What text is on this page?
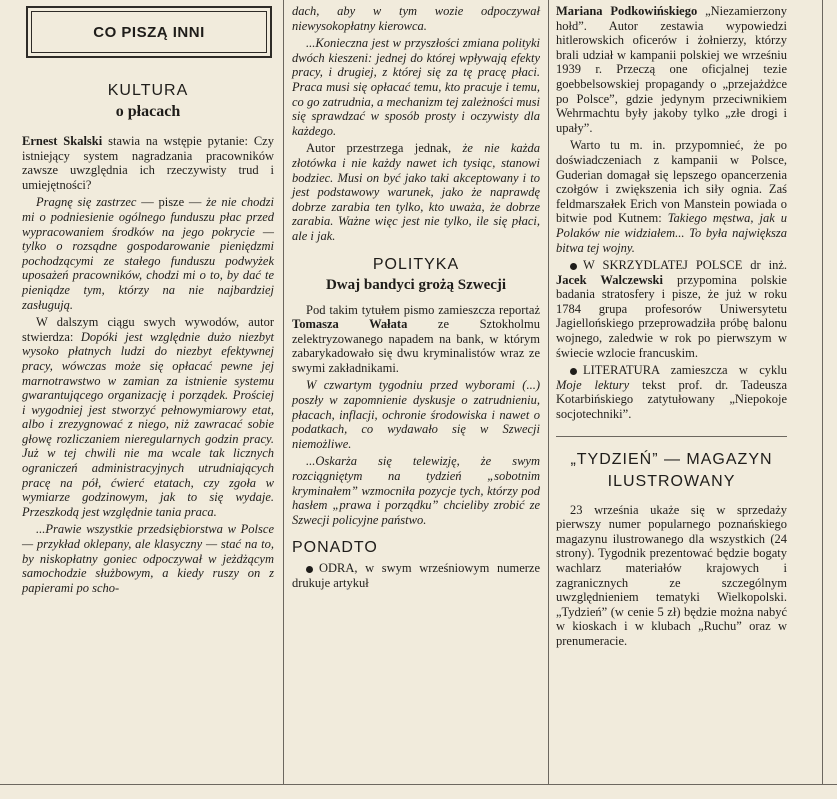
CO PISZĄ INNI
KULTURA
o płacach

Ernest Skalski stawia na wstępie pytanie: Czy istniejący system nagradzania pracowników zawsze uwzględnia ich rzeczywisty trud i umiejętności?

Pragnę się zastrzec — pisze — że nie chodzi mi o podniesienie ogólnego funduszu płac przed wypracowaniem środków na jego pokrycie — tylko o rozsądne gospodarowanie pieniędzmi pochodzącymi ze stałego funduszu podwyżek uposażeń pracowników, chodzi mi o to, by dać te pieniądze tym, którzy na nie najbardziej zasługują.

W dalszym ciągu swych wywodów, autor stwierdza: Dopóki jest względnie dużo niezbyt wysoko płatnych ludzi do niezbyt efektywnej pracy, wówczas może się opłacać pewne jej marnotrawstwo w zamian za istnienie systemu gwarantującego organizację i porządek. Prościej i wygodniej jest stworzyć pełnowymiarowy etat, albo i zrezygnować z niego, niż zawracać sobie głowę rozliczaniem nieregularnych godzin pracy. Już w tej chwili nie ma wcale tak licznych ograniczeń administracyjnych utrudniających pracę na pół, ćwierć etatach, czy zgoła w wymiarze godzinowym, jak to się wydaje. Przeszkodą jest względnie tania praca.

...Prawie wszystkie przedsiębiorstwa w Polsce — przykład oklepany, ale klasyczny — stać na to, by niskopłatny goniec odpoczywał w jeżdżącym samochodzie służbowym, a kiedy ruszy on z papierami po scho-

dach, aby w tym wozie odpoczywał niewysokopłatny kierowca.

...Konieczna jest w przyszłości zmiana polityki dwóch kieszeni: jednej do której wpływają efekty pracy, i drugiej, z której się za tę pracę płaci. Praca musi się opłacać temu, kto pracuje i temu, co go zatrudnia, a mechanizm tej zależności musi się sprawdzać w sposób prosty i oczywisty dla każdego.

Autor przestrzega jednak, że nie każda złotówka i nie każdy nawet ich tysiąc, stanowi bodziec. Musi on być jako taki akceptowany i to jest podstawowy warunek, jako że naprawdę dobrze zarabia ten tylko, kto uważa, że dobrze zarabia. Ważne więc jest nie tylko, ile się płaci, ale i jak.

POLITYKA
Dwaj bandyci grożą Szwecji

Pod takim tytułem pismo zamieszcza reportaż Tomasza Wałata ze Sztokholmu zelektryzowanego napadem na bank, w którym zabarykadowało się dwu kryminalistów wraz ze swymi zakładnikami.

W czwartym tygodniu przed wyborami (...) poszły w zapomnienie dyskusje o zatrudnieniu, płacach, inflacji, ochronie środowiska i nawet o podatkach, co wydawało się w Szwecji niemożliwe.

...Oskarża się telewizję, że swym rozciągniętym na tydzień „sobotnim kryminałem” wzmocniła pozycje tych, którzy pod hasłem „prawa i porządku” chcieliby zrobić ze Szwecji policyjne państwo.

PONADTO

ODRA, w swym wrześniowym numerze drukuje artykuł

Mariana Podkowińskiego „Niezamierzony hołd”. Autor zestawia wypowiedzi hitlerowskich oficerów i żołnierzy, którzy brali udział w kampanii polskiej we wrześniu 1939 r. Przeczą one oficjalnej tezie goebbelsowskiej propagandy o „przejażdżce po Polsce”, gdzie jedynym przeciwnikiem Wehrmachtu były jakoby tylko „złe drogi i upały”.

Warto tu m. in. przypomnieć, że po doświadczeniach z kampanii w Polsce, Guderian domagał się lepszego opancerzenia czołgów i zwiększenia ich siły ognia. Zaś feldmarszałek Erich von Manstein powiada o bitwie pod Kutnem: Takiego męstwa, jak u Polaków nie widziałem... To była największa bitwa tej wojny.

W SKRZYDLATEJ POLSCE dr inż. Jacek Walczewski przypomina polskie badania stratosfery i pisze, że już w roku 1784 grupa profesorów Uniwersytetu Jagiellońskiego przeprowadziła próbę balonu wojnego, zaledwie w rok po pierwszym w świecie wzlocie francuskim.

LITERATURA zamieszcza w cyklu Moje lektury tekst prof. dr. Tadeusza Kotarbińskiego zatytułowany „Niepokoje socjotechniki”.

„TYDZIEŃ” — MAGAZYN ILUSTROWANY

23 września ukaże się w sprzedaży pierwszy numer popularnego poznańskiego magazynu ilustrowanego dla wszystkich (24 strony). Tygodnik prezentować będzie bogaty wachlarz materiałów krajowych i zagranicznych ze szczególnym uwzględnieniem tematyki Wielkopolski. „Tydzień” (w cenie 5 zł) będzie można nabyć w kioskach i w klubach „Ruchu” oraz w prenumeracie.
